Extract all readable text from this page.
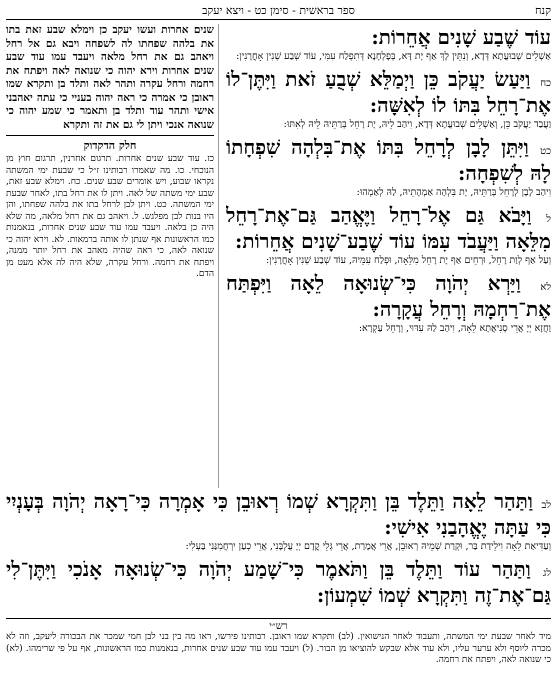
קנח
ספר בראשית - סימן כט - ויצא יעקב
עוֹד שֶׁבַע שָׁנִים אֲחֵרוֹת:
אַשְׁלֵים שְׁבוּעֲתָא דְּדָא, וְנִתֵּין לָךְ אַף יָת דָּא, בְּפָלְחָנָא דְּתִפְלַח עִמִּי, עוֹד שְׁבַע שְׁנִין אָחֳרָנִין:
כח וַיַּעַשׂ יַעֲקֹב כֵּן וַיְמַלֵּא שְׁבֻעַ זֹאת וַיִּתֶּן־לוֹ אֶת־רָחֵל בִּתּוֹ לוֹ לְאִשָּׁה:
וַעֲבַד יַעֲקֹב כֵּן, וְאַשְׁלֵים שְׁבוּעֲתָא דְּדָא, וִיהַב לֵיהּ, יָת רָחֵל בְּרַתֵּיהּ לֵיהּ לְאִתּוּ:
כט וַיִּתֵּן לָבָן לְרָחֵל בִּתּוֹ אֶת־בִּלְהָה שִׁפְחָתוֹ לָהּ לְשִׁפְחָה:
וִיהַב לָבָן לְרָחֵל בְּרַתֵּיהּ, יָת בִּלְהָה אַמְהָתֵיהּ, לַהּ לְאַמְהוּ:
ל וַיָּבֹא גַּם אֶל־רָחֵל וַיֶּאֱהַב גַּם־אֶת־רָחֵל מִלֵּאָה וַיַּעֲבֹד עִמּוֹ עוֹד שֶׁבַע־שָׁנִים אֲחֵרוֹת:
וְעַל אַף לְוַת רָחֵל, וּרְחֵים אַף יָת רָחֵל מִלֵּאָה, וּפְלַח עִמֵּיהּ, עוֹד שְׁבַע שְׁנִין אָחֳרָנִין:
לא וַיַּרְא יְהֹוָה כִּי־שְׂנוּאָה לֵאָה וַיִּפְתַּח אֶת־רַחְמָהּ וְרָחֵל עֲקָרָה:
וַחֲזָא יְיָ אֲרֵי סְנִיאֲתָא לֵאָה, וִיהַב לַהּ עִדּוּי, וְרָחֵל עַקְרָא:
שנים אחרות ועשו יעקב כן וימלא שבע זאת בתו את בלהה שפחתו לה לשפחה ויבא גם אל רחל ויאהב גם את רחל מלאה ויעבד עמו עוד שבע שנים אחרות וירא יהוה כי שנואה לאה ויפתח את רחמה ורחל עקרה ותהר לאה ותלד בן ותקרא שמו ראובן כי אמרה כי ראה יהוה בעניי כי עתה יאהבני אישי ותהר עוד ותלד בן ותאמר כי שמע יהוה כי שנואה אנכי ויתן לי גם את זה ותקרא
חלק הדקדוק
כז. עוד שבע שנים אחרות. תרגום אחרנין, תרגום חוץ מן הנוכחי. כו. מה שאמרו רבותינו ז״ל כי שבעת ימי המשתה נקראו שבוע, ויש אומרים שבע שנים. כח. וימלא שבע זאת, שבע ימי משתה של לאה. ויתן לו את רחל בתו, לאחר שבעת ימי המשתה. כט. ויתן לבן לרחל בתו את בלהה שפחתו, והן היו בנות לבן מפלגש. ל. ויאהב גם את רחל מלאה, מה שלא היה כן בלאה. ויעבד עמו עוד שבע שנים אחרות, בנאמנות כמו הראשונות אף שנתן לו אותה ברמאות. לא. וירא יהוה כי שנואה לאה, כי ראה שהיה מאהב את רחל יותר ממנה, ויפתח את רחמה. ורחל עקרה, שלא היה לה אלא מעט מן הדם.
לב וַתַּהַר לֵאָה וַתֵּלֶד בֵּן וַתִּקְרָא שְׁמוֹ רְאוּבֵן כִּי אָמְרָה כִּי־רָאָה יְהֹוָה בְּעָנְיִי כִּי עַתָּה יֶאֱהָבַנִי אִישִׁי:
וְעַדִּיאַת לֵאָה וִילֵידַת בַּר, וּקְרַת שְׁמֵיהּ רְאוּבֵן, אֲרֵי אֲמָרַת, אֲרֵי גְּלֵי קֳדָם יְיָ עֻלְבָּנִי, אֲרֵי כְעַן יִרְחֲמִנַּנִי בַּעְלִי:
לג וַתַּהַר עוֹד וַתֵּלֶד בֵּן וַתֹּאמֶר כִּי־שָׁמַע יְהֹוָה כִּי־שְׂנוּאָה אָנֹכִי וַיִּתֶּן־לִי גַּם־אֶת־זֶה וַתִּקְרָא שְׁמוֹ שִׁמְעוֹן:
רש״י
מיד לאחר שבעת ימי המשתה, ותעבוד לאחר הנישואין. (לב) ותקרא שמו ראובן. רבותינו פירשו, ראו מה בין בני לבן חמי שמכר את הבכורה ליעקב, וזה לא מכרה ליוסף ולא ערער עליו, ולא עוד אלא שבקש להוציאו מן הבור. (ל) ויעבד עמו עוד שבע שנים אחרות, בנאמנות כמו הראשונות, אף על פי שרימהו. (לא) כי שנואה לאה, ויפתח את רחמה.
